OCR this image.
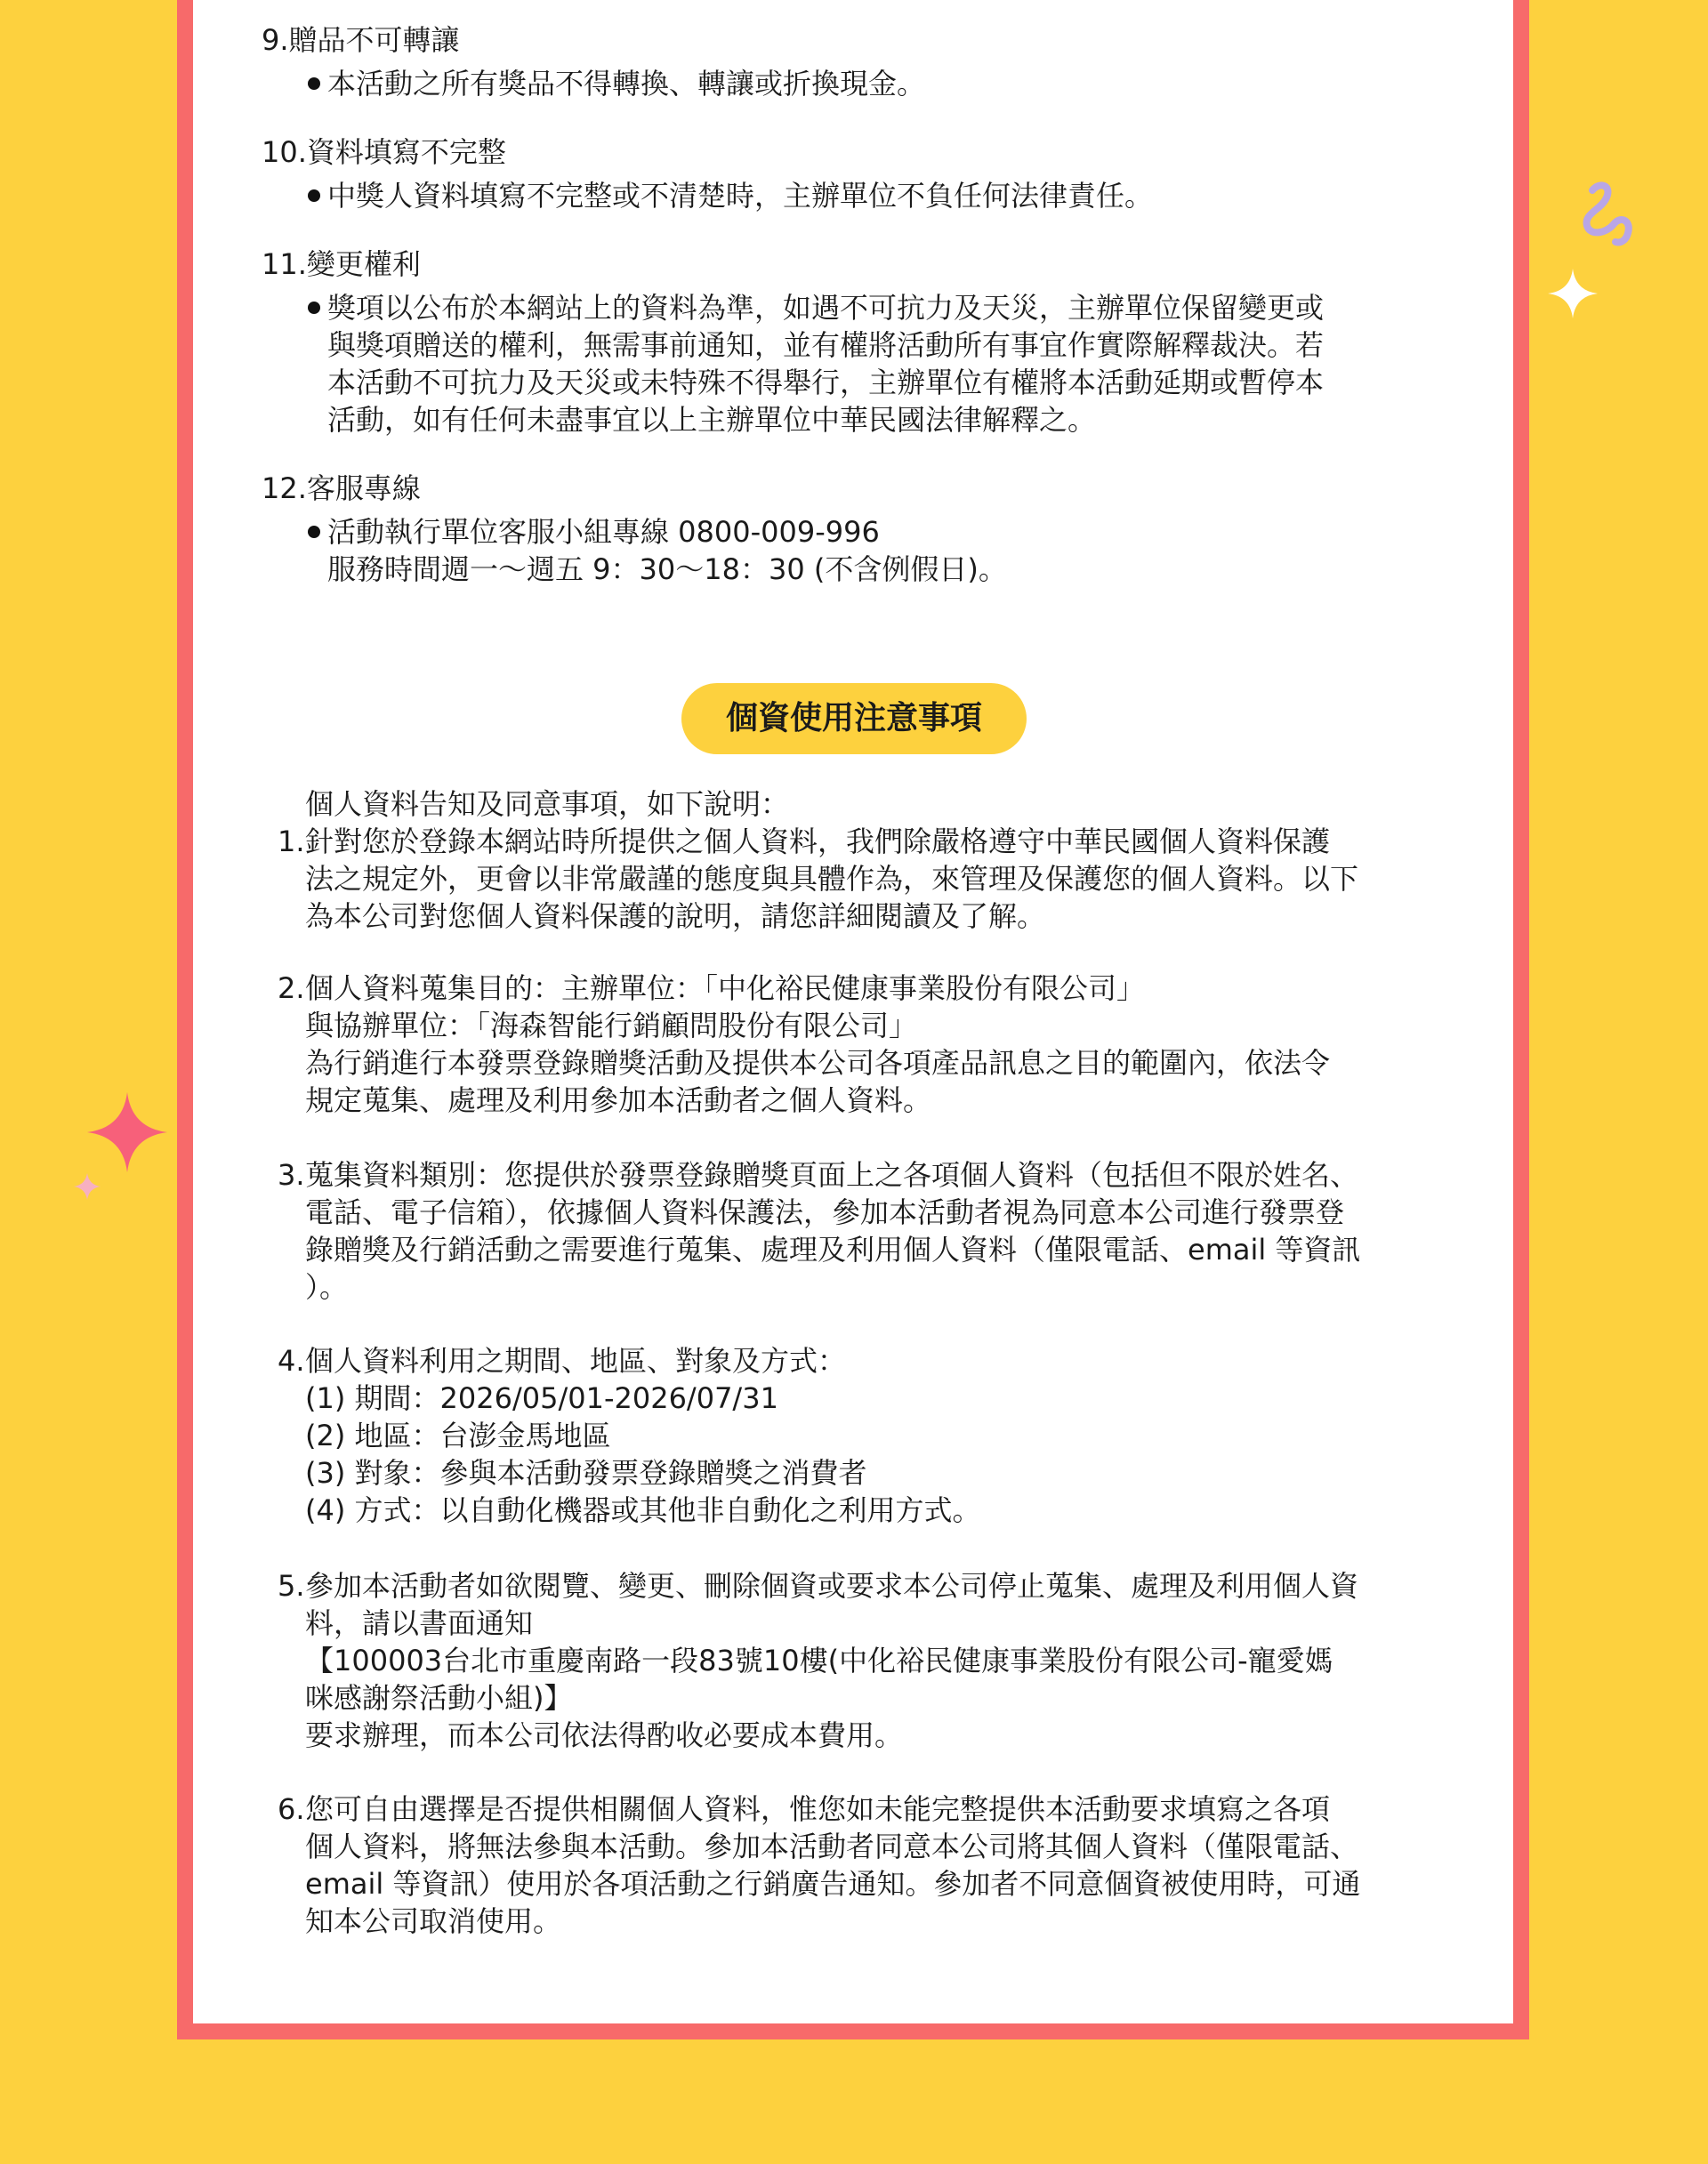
9.贈品不可轉讓
本活動之所有獎品不得轉換、轉讓或折換現金。
10.資料填寫不完整
中獎人資料填寫不完整或不清楚時，主辦單位不負任何法律責任。
11.變更權利
獎項以公布於本網站上的資料為準，如遇不可抗力及天災，主辦單位保留變更或
與獎項贈送的權利，無需事前通知，並有權將活動所有事宜作實際解釋裁決。若
本活動不可抗力及天災或未特殊不得舉行，主辦單位有權將本活動延期或暫停本
活動，如有任何未盡事宜以上主辦單位中華民國法律解釋之。
12.客服專線
活動執行單位客服小組專線 0800-009-996
服務時間週一～週五 9：30～18：30 (不含例假日)。
個資使用注意事項
個人資料告知及同意事項，如下說明：
1. 針對您於登錄本網站時所提供之個人資料，我們除嚴格遵守中華民國個人資料保護
法之規定外，更會以非常嚴謹的態度與具體作為，來管理及保護您的個人資料。以下
為本公司對您個人資料保護的說明，請您詳細閱讀及了解。
2. 個人資料蒐集目的：主辦單位：「中化裕民健康事業股份有限公司」
與協辦單位：「海森智能行銷顧問股份有限公司」
為行銷進行本發票登錄贈獎活動及提供本公司各項產品訊息之目的範圍內，依法令
規定蒐集、處理及利用參加本活動者之個人資料。
3. 蒐集資料類別：您提供於發票登錄贈獎頁面上之各項個人資料（包括但不限於姓名、
電話、電子信箱），依據個人資料保護法，參加本活動者視為同意本公司進行發票登
錄贈獎及行銷活動之需要進行蒐集、處理及利用個人資料（僅限電話、email 等資訊
）。
4. 個人資料利用之期間、地區、對象及方式：
(1) 期間：2026/05/01-2026/07/31
(2) 地區：台澎金馬地區
(3) 對象：參與本活動發票登錄贈獎之消費者
(4) 方式：以自動化機器或其他非自動化之利用方式。
5. 參加本活動者如欲閱覽、變更、刪除個資或要求本公司停止蒐集、處理及利用個人資
料，請以書面通知
【100003台北市重慶南路一段83號10樓(中化裕民健康事業股份有限公司-寵愛媽
咪感謝祭活動小組)】
要求辦理，而本公司依法得酌收必要成本費用。
6. 您可自由選擇是否提供相關個人資料，惟您如未能完整提供本活動要求填寫之各項
個人資料，將無法參與本活動。參加本活動者同意本公司將其個人資料（僅限電話、
email 等資訊）使用於各項活動之行銷廣告通知。參加者不同意個資被使用時，可通
知本公司取消使用。
